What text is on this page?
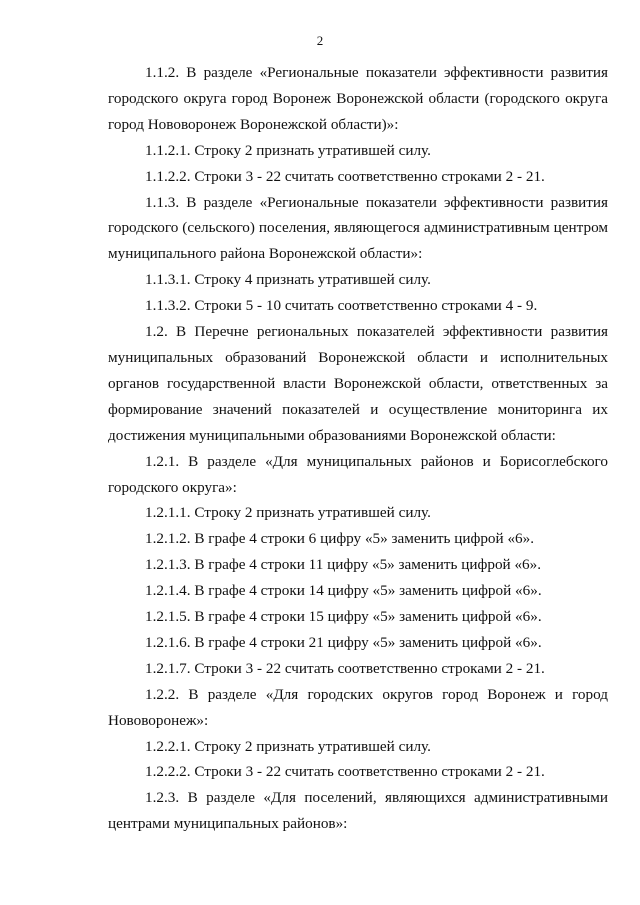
2

1.1.2. В разделе «Региональные показатели эффективности развития городского округа город Воронеж Воронежской области (городского округа город Нововоронеж Воронежской области)»:

1.1.2.1. Строку 2 признать утратившей силу.

1.1.2.2. Строки 3 - 22 считать соответственно строками 2 - 21.

1.1.3. В разделе «Региональные показатели эффективности развития городского (сельского) поселения, являющегося административным центром муниципального района Воронежской области»:

1.1.3.1. Строку 4 признать утратившей силу.

1.1.3.2. Строки 5 - 10 считать соответственно строками 4 - 9.

1.2. В Перечне региональных показателей эффективности развития муниципальных образований Воронежской области и исполнительных органов государственной власти Воронежской области, ответственных за формирование значений показателей и осуществление мониторинга их достижения муниципальными образованиями Воронежской области:

1.2.1. В разделе «Для муниципальных районов и Борисоглебского городского округа»:

1.2.1.1. Строку 2 признать утратившей силу.

1.2.1.2. В графе 4 строки 6 цифру «5» заменить цифрой «6».

1.2.1.3. В графе 4 строки 11 цифру «5» заменить цифрой «6».

1.2.1.4. В графе 4 строки 14 цифру «5» заменить цифрой «6».

1.2.1.5. В графе 4 строки 15 цифру «5» заменить цифрой «6».

1.2.1.6. В графе 4 строки 21 цифру «5» заменить цифрой «6».

1.2.1.7. Строки 3 - 22 считать соответственно строками 2 - 21.

1.2.2. В разделе «Для городских округов город Воронеж и город Нововоронеж»:

1.2.2.1. Строку 2 признать утратившей силу.

1.2.2.2. Строки 3 - 22 считать соответственно строками 2 - 21.

1.2.3. В разделе «Для поселений, являющихся административными центрами муниципальных районов»:
